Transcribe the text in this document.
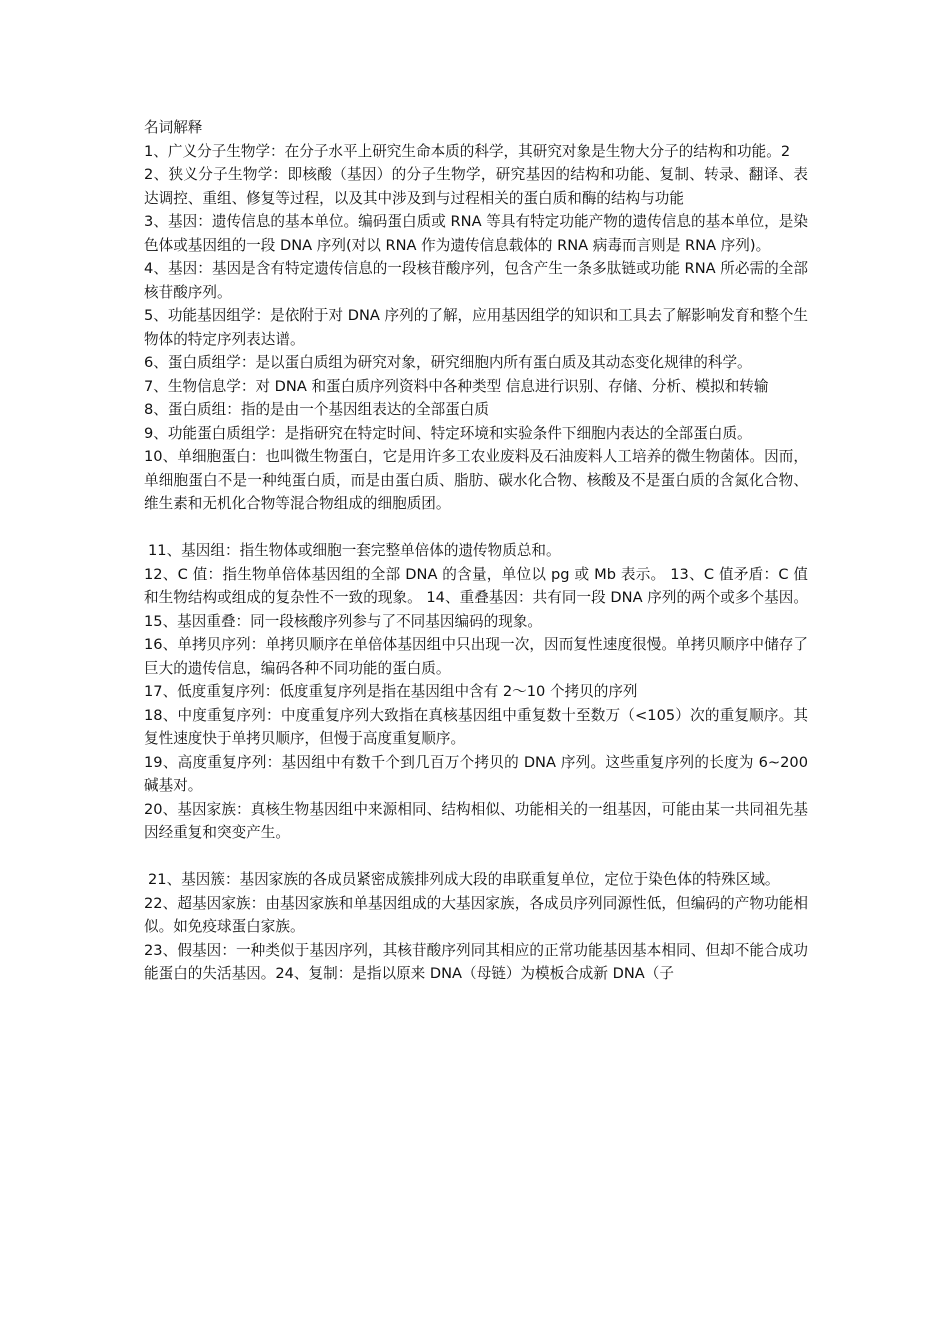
名词解释

1、广义分子生物学：在分子水平上研究生命本质的科学，其研究对象是生物大分子的结构和功能。2

2、狭义分子生物学：即核酸（基因）的分子生物学，研究基因的结构和功能、复制、转录、翻译、表达调控、重组、修复等过程，以及其中涉及到与过程相关的蛋白质和酶的结构与功能

3、基因：遗传信息的基本单位。编码蛋白质或 RNA 等具有特定功能产物的遗传信息的基本单位，是染色体或基因组的一段 DNA 序列(对以 RNA 作为遗传信息载体的 RNA 病毒而言则是 RNA 序列)。

4、基因：基因是含有特定遗传信息的一段核苷酸序列，包含产生一条多肽链或功能 RNA 所必需的全部核苷酸序列。

5、功能基因组学：是依附于对 DNA 序列的了解，应用基因组学的知识和工具去了解影响发育和整个生物体的特定序列表达谱。

6、蛋白质组学：是以蛋白质组为研究对象，研究细胞内所有蛋白质及其动态变化规律的科学。

7、生物信息学：对 DNA 和蛋白质序列资料中各种类型 信息进行识别、存储、分析、模拟和转输

8、蛋白质组：指的是由一个基因组表达的全部蛋白质

9、功能蛋白质组学：是指研究在特定时间、特定环境和实验条件下细胞内表达的全部蛋白质。

10、单细胞蛋白：也叫微生物蛋白，它是用许多工农业废料及石油废料人工培养的微生物菌体。因而，单细胞蛋白不是一种纯蛋白质，而是由蛋白质、脂肪、碳水化合物、核酸及不是蛋白质的含氮化合物、维生素和无机化合物等混合物组成的细胞质团。

11、基因组：指生物体或细胞一套完整单倍体的遗传物质总和。

12、C 值：指生物单倍体基因组的全部 DNA 的含量，单位以 pg 或 Mb 表示。 13、C 值矛盾：C 值和生物结构或组成的复杂性不一致的现象。 14、重叠基因：共有同一段 DNA 序列的两个或多个基因。 15、基因重叠：同一段核酸序列参与了不同基因编码的现象。

16、单拷贝序列：单拷贝顺序在单倍体基因组中只出现一次，因而复性速度很慢。单拷贝顺序中储存了巨大的遗传信息，编码各种不同功能的蛋白质。

17、低度重复序列：低度重复序列是指在基因组中含有 2～10 个拷贝的序列

18、中度重复序列：中度重复序列大致指在真核基因组中重复数十至数万（<105）次的重复顺序。其复性速度快于单拷贝顺序，但慢于高度重复顺序。

19、高度重复序列：基因组中有数千个到几百万个拷贝的 DNA 序列。这些重复序列的长度为 6~200 碱基对。

20、基因家族：真核生物基因组中来源相同、结构相似、功能相关的一组基因，可能由某一共同祖先基因经重复和突变产生。

21、基因簇：基因家族的各成员紧密成簇排列成大段的串联重复单位，定位于染色体的特殊区域。

22、超基因家族：由基因家族和单基因组成的大基因家族，各成员序列同源性低，但编码的产物功能相似。如免疫球蛋白家族。

23、假基因：一种类似于基因序列，其核苷酸序列同其相应的正常功能基因基本相同、但却不能合成功能蛋白的失活基因。24、复制：是指以原来 DNA（母链）为模板合成新 DNA（子
